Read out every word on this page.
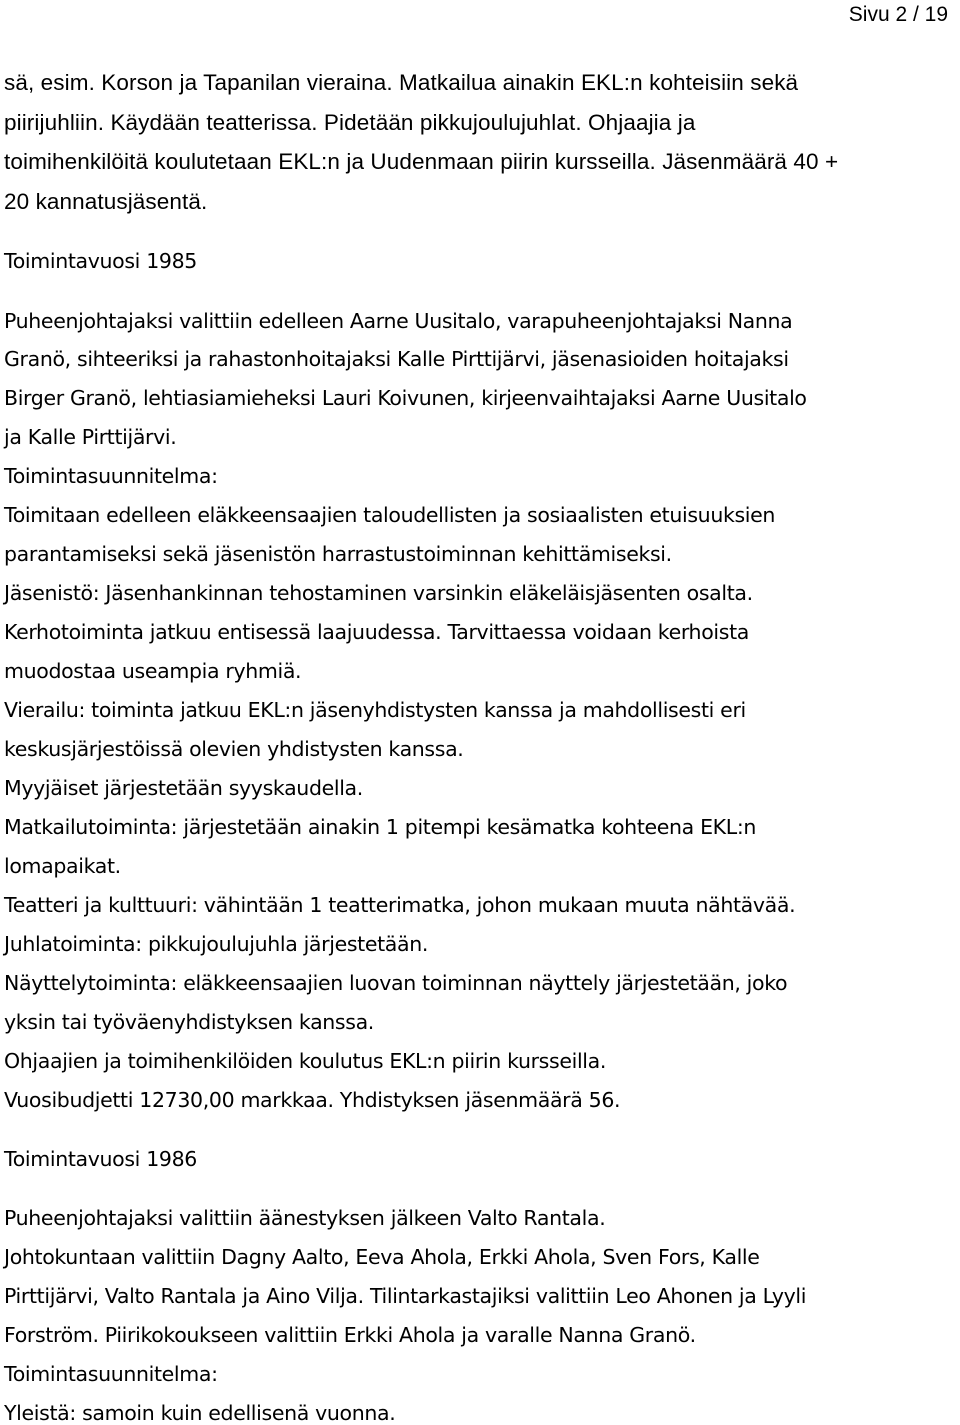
Sivu 2 / 19

sä, esim. Korson ja Tapanilan vieraina. Matkailua ainakin EKL:n kohteisiin sekä

piirijuhliin. Käydään teatterissa. Pidetään pikkujoulujuhlat. Ohjaajia ja

toimihenkilöitä koulutetaan EKL:n ja Uudenmaan piirin kursseilla. Jäsenmäärä 40 +

20 kannatusjäsentä.

Toimintavuosi 1985

Puheenjohtajaksi valittiin edelleen Aarne Uusitalo, varapuheenjohtajaksi Nanna

Granö, sihteeriksi ja rahastonhoitajaksi Kalle Pirttijärvi, jäsenasioiden hoitajaksi

Birger Granö, lehtiasiamieheksi Lauri Koivunen, kirjeenvaihtajaksi Aarne Uusitalo

ja Kalle Pirttijärvi.

Toimintasuunnitelma:

Toimitaan edelleen eläkkeensaajien taloudellisten ja sosiaalisten etuisuuksien

parantamiseksi sekä jäsenistön harrastustoiminnan kehittämiseksi.

Jäsenistö: Jäsenhankinnan tehostaminen varsinkin eläkeläisjäsenten osalta.

Kerhotoiminta jatkuu entisessä laajuudessa. Tarvittaessa voidaan kerhoista

muodostaa useampia ryhmiä.

Vierailu: toiminta jatkuu EKL:n jäsenyhdistysten kanssa ja mahdollisesti eri

keskusjärjestöissä olevien yhdistysten kanssa.

Myyjäiset järjestetään syyskaudella.

Matkailutoiminta: järjestetään ainakin 1 pitempi kesämatka kohteena EKL:n

lomapaikat.

Teatteri ja kulttuuri: vähintään 1 teatterimatka, johon mukaan muuta nähtävää.

Juhlatoiminta: pikkujoulujuhla järjestetään.

Näyttelytoiminta: eläkkeensaajien luovan toiminnan näyttely järjestetään, joko

yksin tai työväenyhdistyksen kanssa.

Ohjaajien ja toimihenkilöiden koulutus EKL:n piirin kursseilla.

Vuosibudjetti 12730,00 markkaa. Yhdistyksen jäsenmäärä 56.

Toimintavuosi 1986

Puheenjohtajaksi valittiin äänestyksen jälkeen Valto Rantala.

Johtokuntaan valittiin Dagny Aalto, Eeva Ahola, Erkki Ahola, Sven Fors, Kalle

Pirttijärvi, Valto Rantala ja Aino Vilja. Tilintarkastajiksi valittiin Leo Ahonen ja Lyyli

Forström. Piirikokoukseen valittiin Erkki Ahola ja varalle Nanna Granö.

Toimintasuunnitelma:

Yleistä: samoin kuin edellisenä vuonna.
